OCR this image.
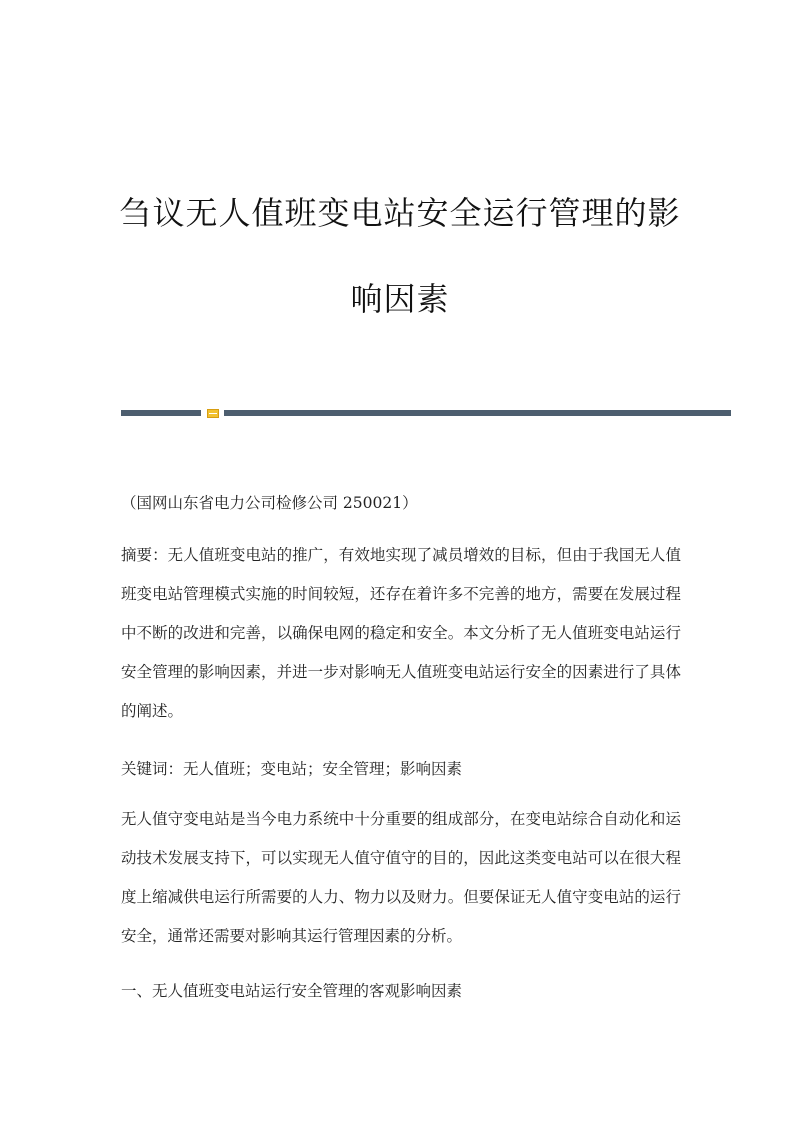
刍议无人值班变电站安全运行管理的影
响因素

（国网山东省电力公司检修公司 250021）

摘要：无人值班变电站的推广，有效地实现了减员增效的目标，但由于我国无人值班变电站管理模式实施的时间较短，还存在着许多不完善的地方，需要在发展过程中不断的改进和完善，以确保电网的稳定和安全。本文分析了无人值班变电站运行安全管理的影响因素，并进一步对影响无人值班变电站运行安全的因素进行了具体的阐述。

关键词：无人值班；变电站；安全管理；影响因素

无人值守变电站是当今电力系统中十分重要的组成部分，在变电站综合自动化和运动技术发展支持下，可以实现无人值守值守的目的，因此这类变电站可以在很大程度上缩减供电运行所需要的人力、物力以及财力。但要保证无人值守变电站的运行安全，通常还需要对影响其运行管理因素的分析。

一、无人值班变电站运行安全管理的客观影响因素
